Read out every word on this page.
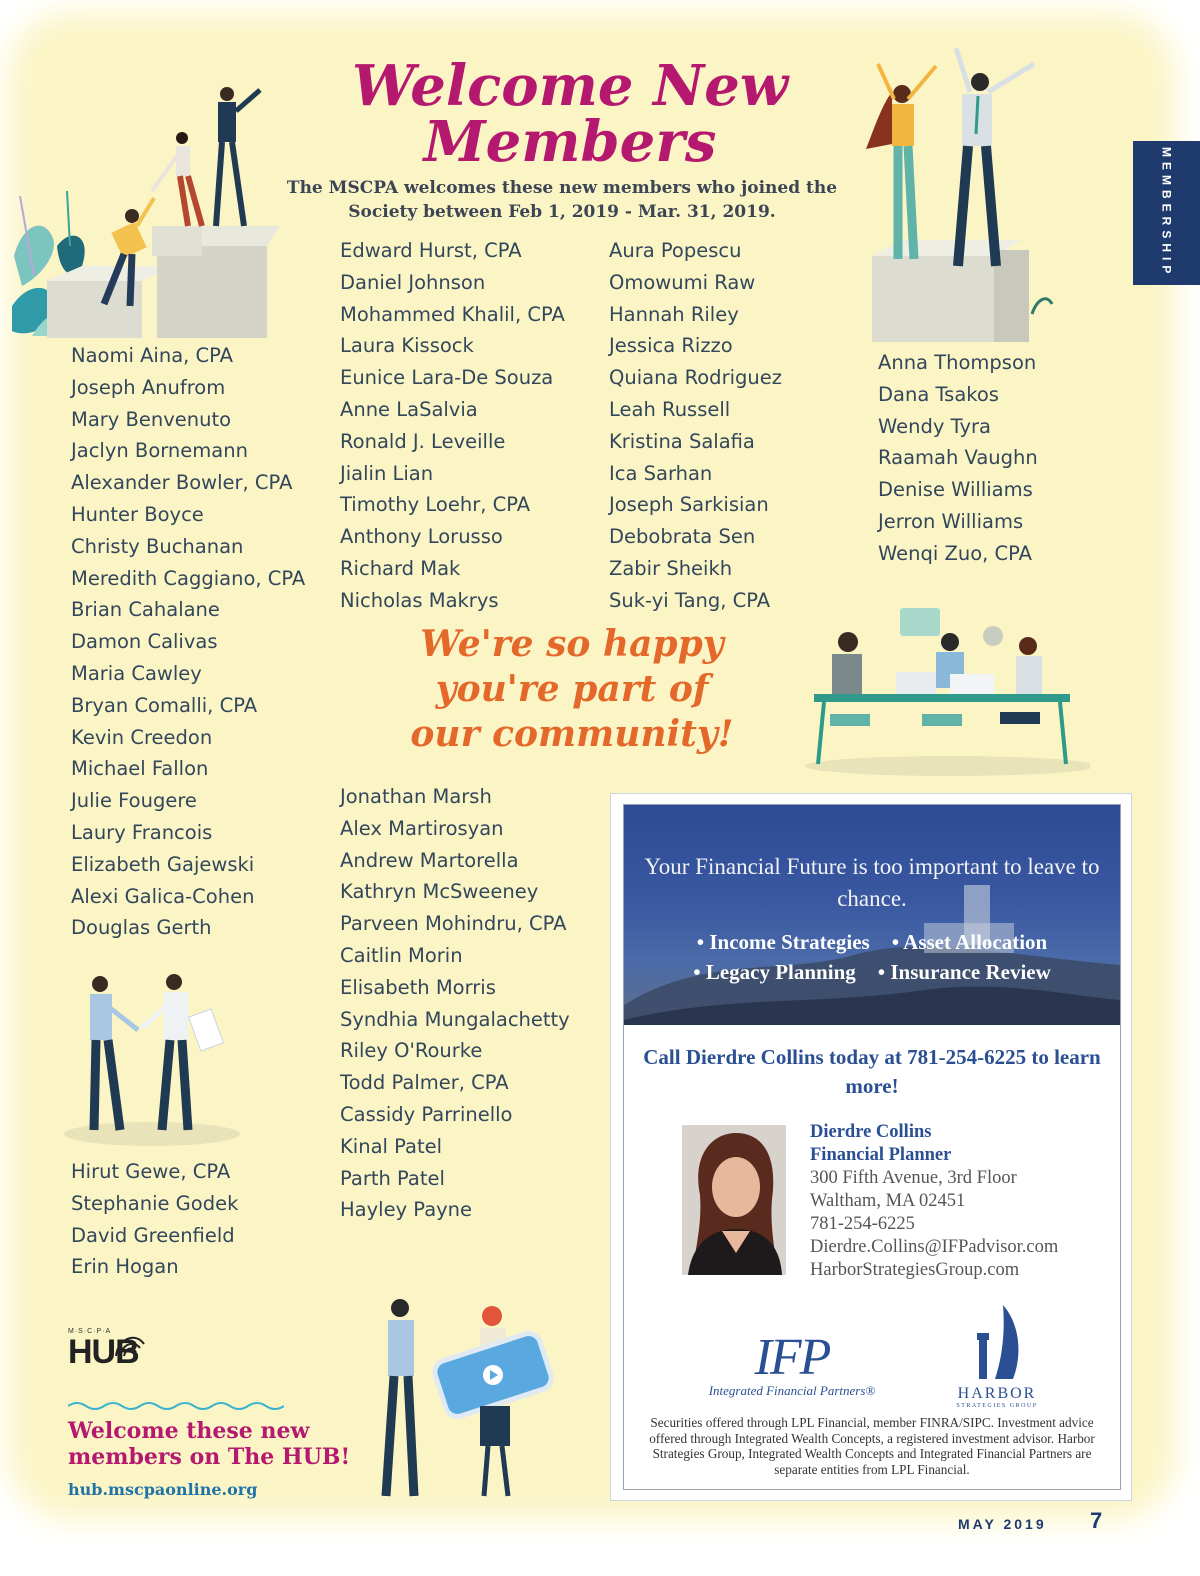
MEMBERSHIP
Welcome New Members

The MSCPA welcomes these new members who joined the Society between Feb 1, 2019 - Mar. 31, 2019.

Naomi Aina, CPA
Joseph Anufrom
Mary Benvenuto
Jaclyn Bornemann
Alexander Bowler, CPA
Hunter Boyce
Christy Buchanan
Meredith Caggiano, CPA
Brian Cahalane
Damon Calivas
Maria Cawley
Bryan Comalli, CPA
Kevin Creedon
Michael Fallon
Julie Fougere
Laury Francois
Elizabeth Gajewski
Alexi Galica-Cohen
Douglas Gerth
Hirut Gewe, CPA
Stephanie Godek
David Greenfield
Erin Hogan
Edward Hurst, CPA
Daniel Johnson
Mohammed Khalil, CPA
Laura Kissock
Eunice Lara-De Souza
Anne LaSalvia
Ronald J. Leveille
Jialin Lian
Timothy Loehr, CPA
Anthony Lorusso
Richard Mak
Nicholas Makrys
Aura Popescu
Omowumi Raw
Hannah Riley
Jessica Rizzo
Quiana Rodriguez
Leah Russell
Kristina Salafia
Ica Sarhan
Joseph Sarkisian
Debobrata Sen
Zabir Sheikh
Suk-yi Tang, CPA
Anna Thompson
Dana Tsakos
Wendy Tyra
Raamah Vaughn
Denise Williams
Jerron Williams
Wenqi Zuo, CPA

We're so happy you're part of our community!

Jonathan Marsh
Alex Martirosyan
Andrew Martorella
Kathryn McSweeney
Parveen Mohindru, CPA
Caitlin Morin
Elisabeth Morris
Syndhia Mungalachetty
Riley O'Rourke
Todd Palmer, CPA
Cassidy Parrinello
Kinal Patel
Parth Patel
Hayley Payne
M·S·C·P·A
HUB

Welcome these new members on The HUB!

hub.mscpaonline.org

Your Financial Future is too important to leave to chance.

• Income Strategies • Asset Allocation
• Legacy Planning • Insurance Review

Call Dierdre Collins today at 781-254-6225 to learn more!

Dierdre Collins
Financial Planner
300 Fifth Avenue, 3rd Floor
Waltham, MA 02451
781-254-6225
Dierdre.Collins@IFPadvisor.com
HarborStrategiesGroup.com
IFP
Integrated Financial Partners®	HARBOR
STRATEGIES GROUP

Securities offered through LPL Financial, member FINRA/SIPC. Investment advice offered through Integrated Wealth Concepts, a registered investment advisor. Harbor Strategies Group, Integrated Wealth Concepts and Integrated Financial Partners are separate entities from LPL Financial.

MAY 2019 7
